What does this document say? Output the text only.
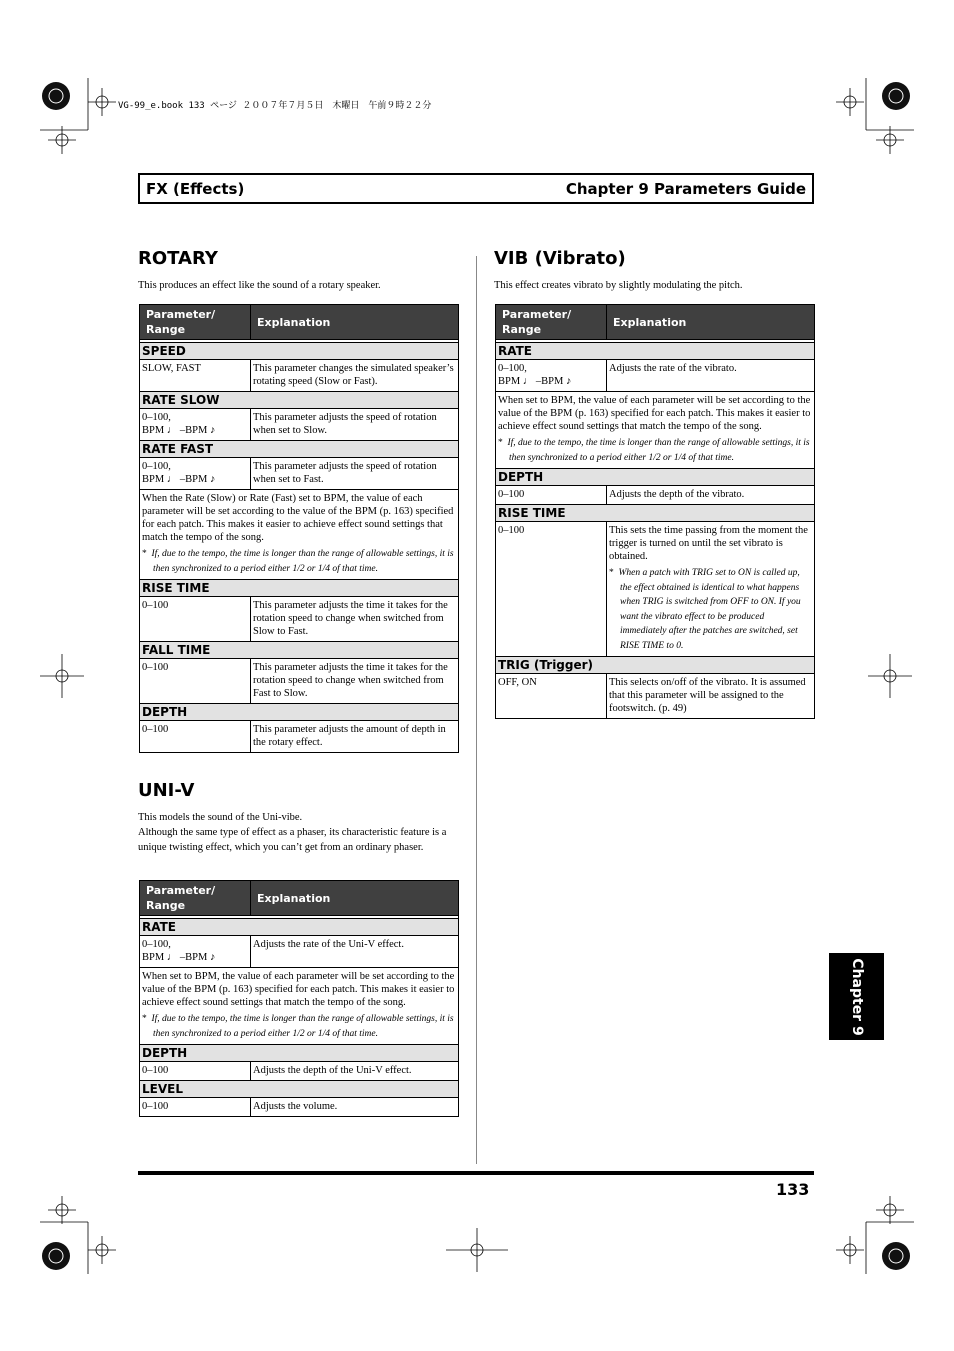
VG-99_e.book 133 ページ ２００７年７月５日　木曜日　午前９時２２分
FX (Effects)	Chapter 9 Parameters Guide
ROTARY
This produces an effect like the sound of a rotary speaker.
Parameter/
Range	Explanation

SPEED	
SLOW, FAST	This parameter changes the simulated speaker’s rotating speed (Slow or Fast).
RATE SLOW	

0–100,
BPM ♩ –BPM ♪	This parameter adjusts the speed of rotation when set to Slow.
RATE FAST	

0–100,
BPM ♩ –BPM ♪	This parameter adjusts the speed of rotation when set to Fast.

When the Rate (Slow) or Rate (Fast) set to BPM, the value of each parameter will be set according to the value of the BPM (p. 163) specified for each patch. This makes it easier to achieve effect sound settings that match the tempo of the song.
* If, due to the tempo, the time is longer than the range of allowable settings, it is then synchronized to a period either 1/2 or 1/4 of that time.	

RISE TIME	
0–100	This parameter adjusts the time it takes for the rotation speed to change when switched from Slow to Fast.
FALL TIME	
0–100	This parameter adjusts the time it takes for the rotation speed to change when switched from Fast to Slow.
DEPTH	
0–100	This parameter adjusts the amount of depth in the rotary effect.
UNI-V
This models the sound of the Uni-vibe.
Although the same type of effect as a phaser, its characteristic feature is a unique twisting effect, which you can’t get from an ordinary phaser.
Parameter/
Range	Explanation

RATE	

0–100,
BPM ♩ –BPM ♪	Adjusts the rate of the Uni-V effect.

When set to BPM, the value of each parameter will be set according to the value of the BPM (p. 163) specified for each patch. This makes it easier to achieve effect sound settings that match the tempo of the song.
* If, due to the tempo, the time is longer than the range of allowable settings, it is then synchronized to a period either 1/2 or 1/4 of that time.	

DEPTH	
0–100	Adjusts the depth of the Uni-V effect.
LEVEL	
0–100	Adjusts the volume.
VIB (Vibrato)
This effect creates vibrato by slightly modulating the pitch.
Parameter/
Range	Explanation

RATE	

0–100,
BPM ♩ –BPM ♪	Adjusts the rate of the vibrato.

When set to BPM, the value of each parameter will be set according to the value of the BPM (p. 163) specified for each patch. This makes it easier to achieve effect sound settings that match the tempo of the song.
* If, due to the tempo, the time is longer than the range of allowable settings, it is then synchronized to a period either 1/2 or 1/4 of that time.	

DEPTH	
0–100	Adjusts the depth of the vibrato.
RISE TIME	
0–100	This sets the time passing from the moment the trigger is turned on until the set vibrato is obtained.
* When a patch with TRIG set to ON is called up, the effect obtained is identical to what happens when TRIG is switched from OFF to ON. If you want the vibrato effect to be produced immediately after the patches are switched, set RISE TIME to 0.

TRIG (Trigger)	
OFF, ON	This selects on/off of the vibrato. It is assumed that this parameter will be assigned to the footswitch. (p. 49)
133
Chapter 9
